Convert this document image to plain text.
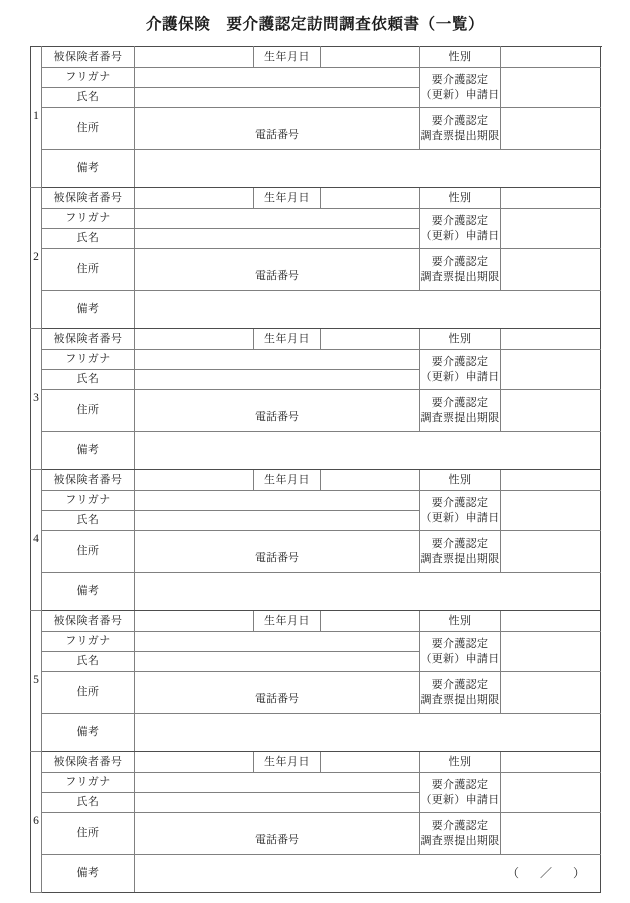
介護保険　要介護認定訪問調査依頼書（一覧）
1	被保険者番号		生年月日		性別	
	フリガナ				要介護認定
（更新）申請日	
	氏名					
	住所	電話番号			要介護認定
調査票提出期限	
	備考					
2	被保険者番号		生年月日		性別	
	フリガナ				要介護認定
（更新）申請日	
	氏名					
	住所	電話番号			要介護認定
調査票提出期限	
	備考					
3	被保険者番号		生年月日		性別	
	フリガナ				要介護認定
（更新）申請日	
	氏名					
	住所	電話番号			要介護認定
調査票提出期限	
	備考					
4	被保険者番号		生年月日		性別	
	フリガナ				要介護認定
（更新）申請日	
	氏名					
	住所	電話番号			要介護認定
調査票提出期限	
	備考					
5	被保険者番号		生年月日		性別	
	フリガナ				要介護認定
（更新）申請日	
	氏名					
	住所	電話番号			要介護認定
調査票提出期限	
	備考					
6	被保険者番号		生年月日		性別	
	フリガナ				要介護認定
（更新）申請日	
	氏名					
	住所	電話番号			要介護認定
調査票提出期限	
	備考						（ ／ ）
